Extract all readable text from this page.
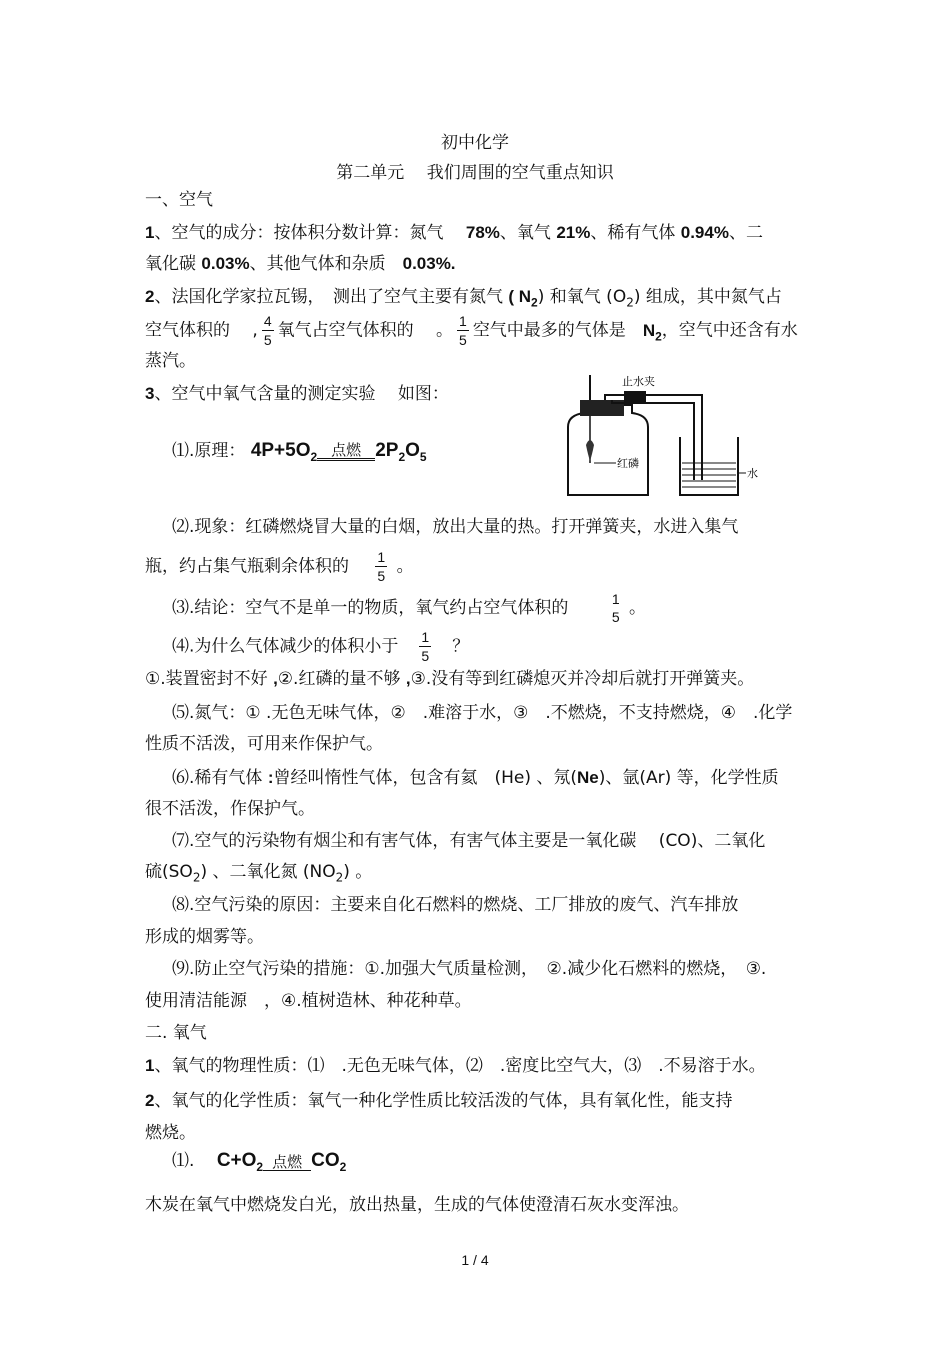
初中化学
第二单元　 我们周围的空气重点知识
一、空气
1、空气的成分：按体积分数计算：氮气　 78%、氧气 21%、稀有气体 0.94%、二
氧化碳 0.03%、其他气体和杂质　 0.03%.
2、法国化学家拉瓦锡，　测出了空气主要有氮气 ( $N_2$) 和氧气 $(O_2)$ 组成，其中氮气占
空气体积的　 , $\frac{4}{5}$ 氧气占空气体积的　 。 $\frac{1}{5}$ 空气中最多的气体是　 $N_2$，空气中还含有水
蒸汽。
3、空气中氧气含量的测定实验　 如图：
止水夹
红磷
水
⑴.原理： $4P+5O_2$ 点燃 $2P_2O_5$
⑵.现象：红磷燃烧冒大量的白烟，放出大量的热。打开弹簧夹，水进入集气
瓶，约占集气瓶剩余体积的　 $\frac{1}{5}$ 。
⑶.结论：空气不是单一的物质，氧气约占空气体积的　　	1
5 。
⑷.为什么气体减少的体积小于　 $\frac{1}{5}$
　 ？
①.装置密封不好 ,②.红磷的量不够 ,③.没有等到红磷熄灭并冷却后就打开弹簧夹。
⑸.氮气：① .无色无味气体，②　.难溶于水，③　.不燃烧，不支持燃烧，④　.化学
性质不活泼，可用来作保护气。
⑹.稀有气体 :曾经叫惰性气体，包含有氦　(He) 、氖(Ne)、氩(Ar) 等，化学性质
很不活泼，作保护气。
⑺.空气的污染物有烟尘和有害气体，有害气体主要是一氧化碳　 (CO)、二氧化
硫$(SO_2)$ 、二氧化氮 $(NO_2)$ 。
⑻.空气污染的原因：主要来自化石燃料的燃烧、工厂排放的废气、汽车排放
形成的烟雾等。
⑼.防止空气污染的措施：①.加强大气质量检测，　②.减少化石燃料的燃烧，　③.
使用清洁能源　，④.植树造林、种花种草。
二. 氧气
1、氧气的物理性质：⑴　.无色无味气体，⑵　.密度比空气大，⑶　.不易溶于水。
2、氧气的化学性质：氧气一种化学性质比较活泼的气体，具有氧化性，能支持
燃烧。
⑴.　 $C+O_2$ 点燃 $CO_2$
木炭在氧气中燃烧发白光，放出热量，生成的气体使澄清石灰水变浑浊。
1 / 4
